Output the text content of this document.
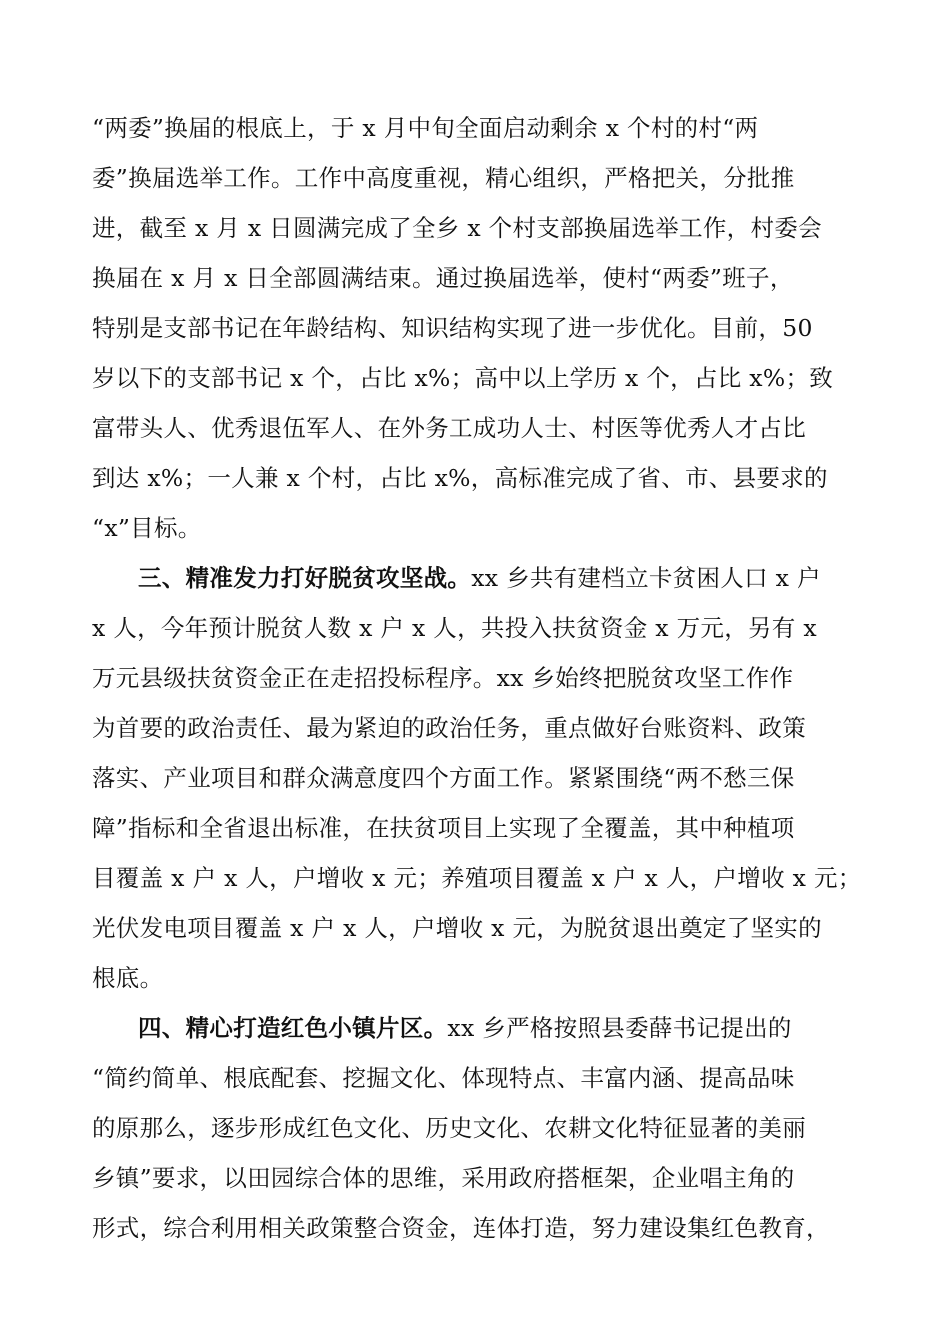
“两委”换届的根底上，于 x 月中旬全面启动剩余 x 个村的村“两
委”换届选举工作。工作中高度重视，精心组织，严格把关，分批推
进，截至 x 月 x 日圆满完成了全乡 x 个村支部换届选举工作，村委会
换届在 x 月 x 日全部圆满结束。通过换届选举，使村“两委”班子，
特别是支部书记在年龄结构、知识结构实现了进一步优化。目前，50
岁以下的支部书记 x 个，占比 x%；高中以上学历 x 个，占比 x%；致
富带头人、优秀退伍军人、在外务工成功人士、村医等优秀人才占比
到达 x%；一人兼 x 个村，占比 x%，高标准完成了省、市、县要求的
“x”目标。
三、精准发力打好脱贫攻坚战。xx 乡共有建档立卡贫困人口 x 户
x 人，今年预计脱贫人数 x 户 x 人，共投入扶贫资金 x 万元，另有 x
万元县级扶贫资金正在走招投标程序。xx 乡始终把脱贫攻坚工作作
为首要的政治责任、最为紧迫的政治任务，重点做好台账资料、政策
落实、产业项目和群众满意度四个方面工作。紧紧围绕“两不愁三保
障”指标和全省退出标准，在扶贫项目上实现了全覆盖，其中种植项
目覆盖 x 户 x 人，户增收 x 元；养殖项目覆盖 x 户 x 人，户增收 x 元；
光伏发电项目覆盖 x 户 x 人，户增收 x 元，为脱贫退出奠定了坚实的
根底。
四、精心打造红色小镇片区。xx 乡严格按照县委薛书记提出的
“简约简单、根底配套、挖掘文化、体现特点、丰富内涵、提高品味
的原那么，逐步形成红色文化、历史文化、农耕文化特征显著的美丽
乡镇”要求，以田园综合体的思维，采用政府搭框架，企业唱主角的
形式，综合利用相关政策整合资金，连体打造，努力建设集红色教育，
